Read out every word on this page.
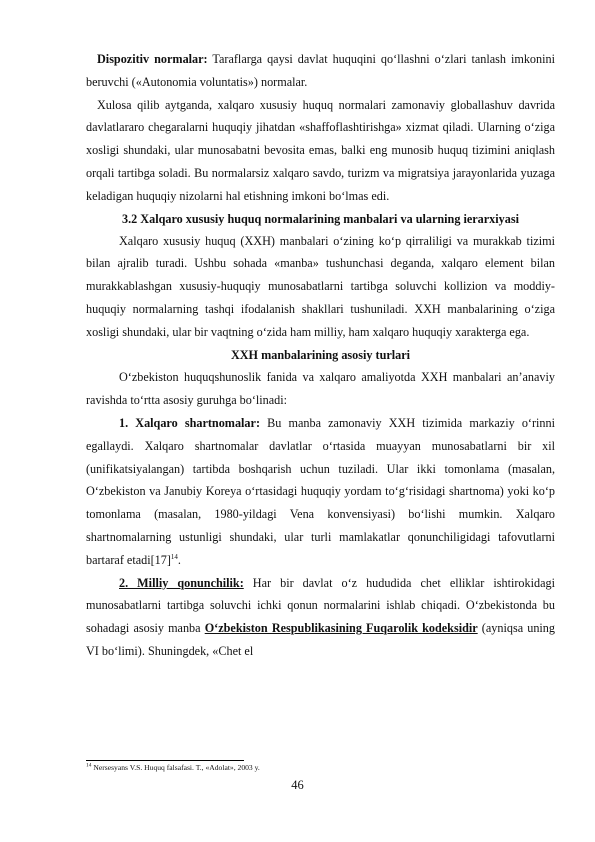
Dispozitiv normalar: Taraflarga qaysi davlat huquqini qo‘llashni o‘zlari tanlash imkonini beruvchi («Autonomia voluntatis») normalar.

Xulosa qilib aytganda, xalqaro xususiy huquq normalari zamonaviy globallashuv davrida davlatlararo chegaralarni huquqiy jihatdan «shaffoflashtirishga» xizmat qiladi. Ularning o‘ziga xosligi shundaki, ular munosabatni bevosita emas, balki eng munosib huquq tizimini aniqlash orqali tartibga soladi. Bu normalarsiz xalqaro savdo, turizm va migratsiya jarayonlarida yuzaga keladigan huquqiy nizolarni hal etishning imkoni bo‘lmas edi.

3.2 Xalqaro xususiy huquq normalarining manbalari va ularning ierarxiyasi

Xalqaro xususiy huquq (XXH) manbalari o‘zining ko‘p qirraliligi va murakkab tizimi bilan ajralib turadi. Ushbu sohada «manba» tushunchasi deganda, xalqaro element bilan murakkablashgan xususiy-huquqiy munosabatlarni tartibga soluvchi kollizion va moddiy-huquqiy normalarning tashqi ifodalanish shakllari tushuniladi. XXH manbalarining o‘ziga xosligi shundaki, ular bir vaqtning o‘zida ham milliy, ham xalqaro huquqiy xarakterga ega.

XXH manbalarining asosiy turlari

O‘zbekiston huquqshunoslik fanida va xalqaro amaliyotda XXH manbalari an’anaviy ravishda to‘rtta asosiy guruhga bo‘linadi:

1. Xalqaro shartnomalar: Bu manba zamonaviy XXH tizimida markaziy o‘rinni egallaydi. Xalqaro shartnomalar davlatlar o‘rtasida muayyan munosabatlarni bir xil (unifikatsiyalangan) tartibda boshqarish uchun tuziladi. Ular ikki tomonlama (masalan, O‘zbekiston va Janubiy Koreya o‘rtasidagi huquqiy yordam to‘g‘risidagi shartnoma) yoki ko‘p tomonlama (masalan, 1980-yildagi Vena konvensiyasi) bo‘lishi mumkin. Xalqaro shartnomalarning ustunligi shundaki, ular turli mamlakatlar qonunchiligidagi tafovutlarni bartaraf $etadi[17]^{14}$.

2. Milliy qonunchilik: Har bir davlat o‘z hududida chet elliklar ishtirokidagi munosabatlarni tartibga soluvchi ichki qonun normalarini ishlab chiqadi. O‘zbekistonda bu sohadagi asosiy manba O‘zbekiston Respublikasining Fuqarolik kodeksidir (ayniqsa uning VI bo‘limi). Shuningdek, «Chet el

$^{14}$ Nersesyans V.S. Huquq falsafasi. T., «Adolat», 2003 y.
46
